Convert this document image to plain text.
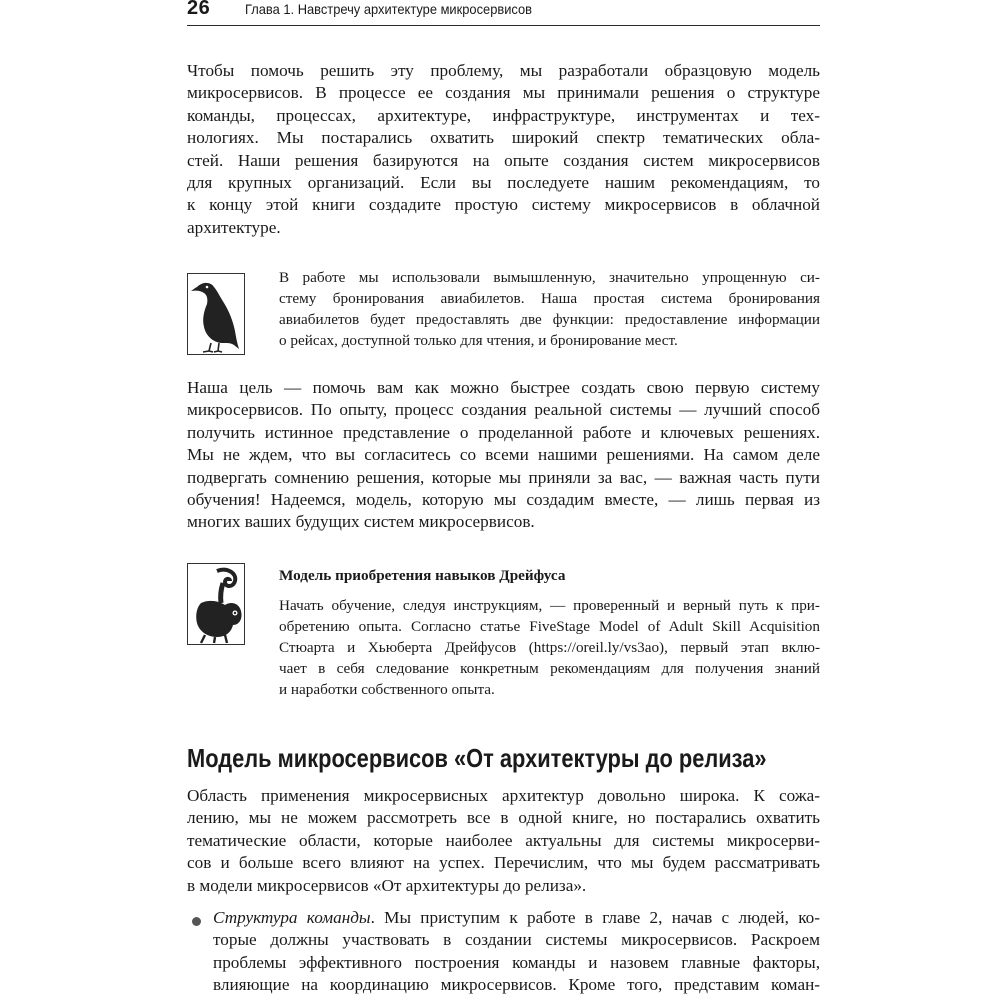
26 Глава 1. Навстречу архитектуре микросервисов
Чтобы помочь решить эту проблему, мы разработали образцовую модель
микросервисов. В процессе ее создания мы принимали решения о структуре
команды, процессах, архитектуре, инфраструктуре, инструментах и тех-
нологиях. Мы постарались охватить широкий спектр тематических обла-
стей. Наши решения базируются на опыте создания систем микросервисов
для крупных организаций. Если вы последуете нашим рекомендациям, то
к концу этой книги создадите простую систему микросервисов в облачной
архитектуре.
В работе мы использовали вымышленную, значительно упрощенную си-
стему бронирования авиабилетов. Наша простая система бронирования
авиабилетов будет предоставлять две функции: предоставление информации
о рейсах, доступной только для чтения, и бронирование мест.
Наша цель — помочь вам как можно быстрее создать свою первую систему
микросервисов. По опыту, процесс создания реальной системы — лучший способ
получить истинное представление о проделанной работе и ключевых решениях.
Мы не ждем, что вы согласитесь со всеми нашими решениями. На самом деле
подвергать сомнению решения, которые мы приняли за вас, — важная часть пути
обучения! Надеемся, модель, которую мы создадим вместе, — лишь первая из
многих ваших будущих систем микросервисов.
Модель приобретения навыков Дрейфуса
Начать обучение, следуя инструкциям, — проверенный и верный путь к при-
обретению опыта. Согласно статье FiveStage Model of Adult Skill Acquisition
Стюарта и Хьюберта Дрейфусов (https://oreil.ly/vs3ao), первый этап вклю-
чает в себя следование конкретным рекомендациям для получения знаний
и наработки собственного опыта.
Модель микросервисов «От архитектуры до релиза»
Область применения микросервисных архитектур довольно широка. К сожа-
лению, мы не можем рассмотреть все в одной книге, но постарались охватить
тематические области, которые наиболее актуальны для системы микросерви-
сов и больше всего влияют на успех. Перечислим, что мы будем рассматривать
в модели микросервисов «От архитектуры до релиза».
Структура команды. Мы приступим к работе в главе 2, начав с людей, ко-
торые должны участвовать в создании системы микросервисов. Раскроем
проблемы эффективного построения команды и назовем главные факторы,
влияющие на координацию микросервисов. Кроме того, представим коман-
